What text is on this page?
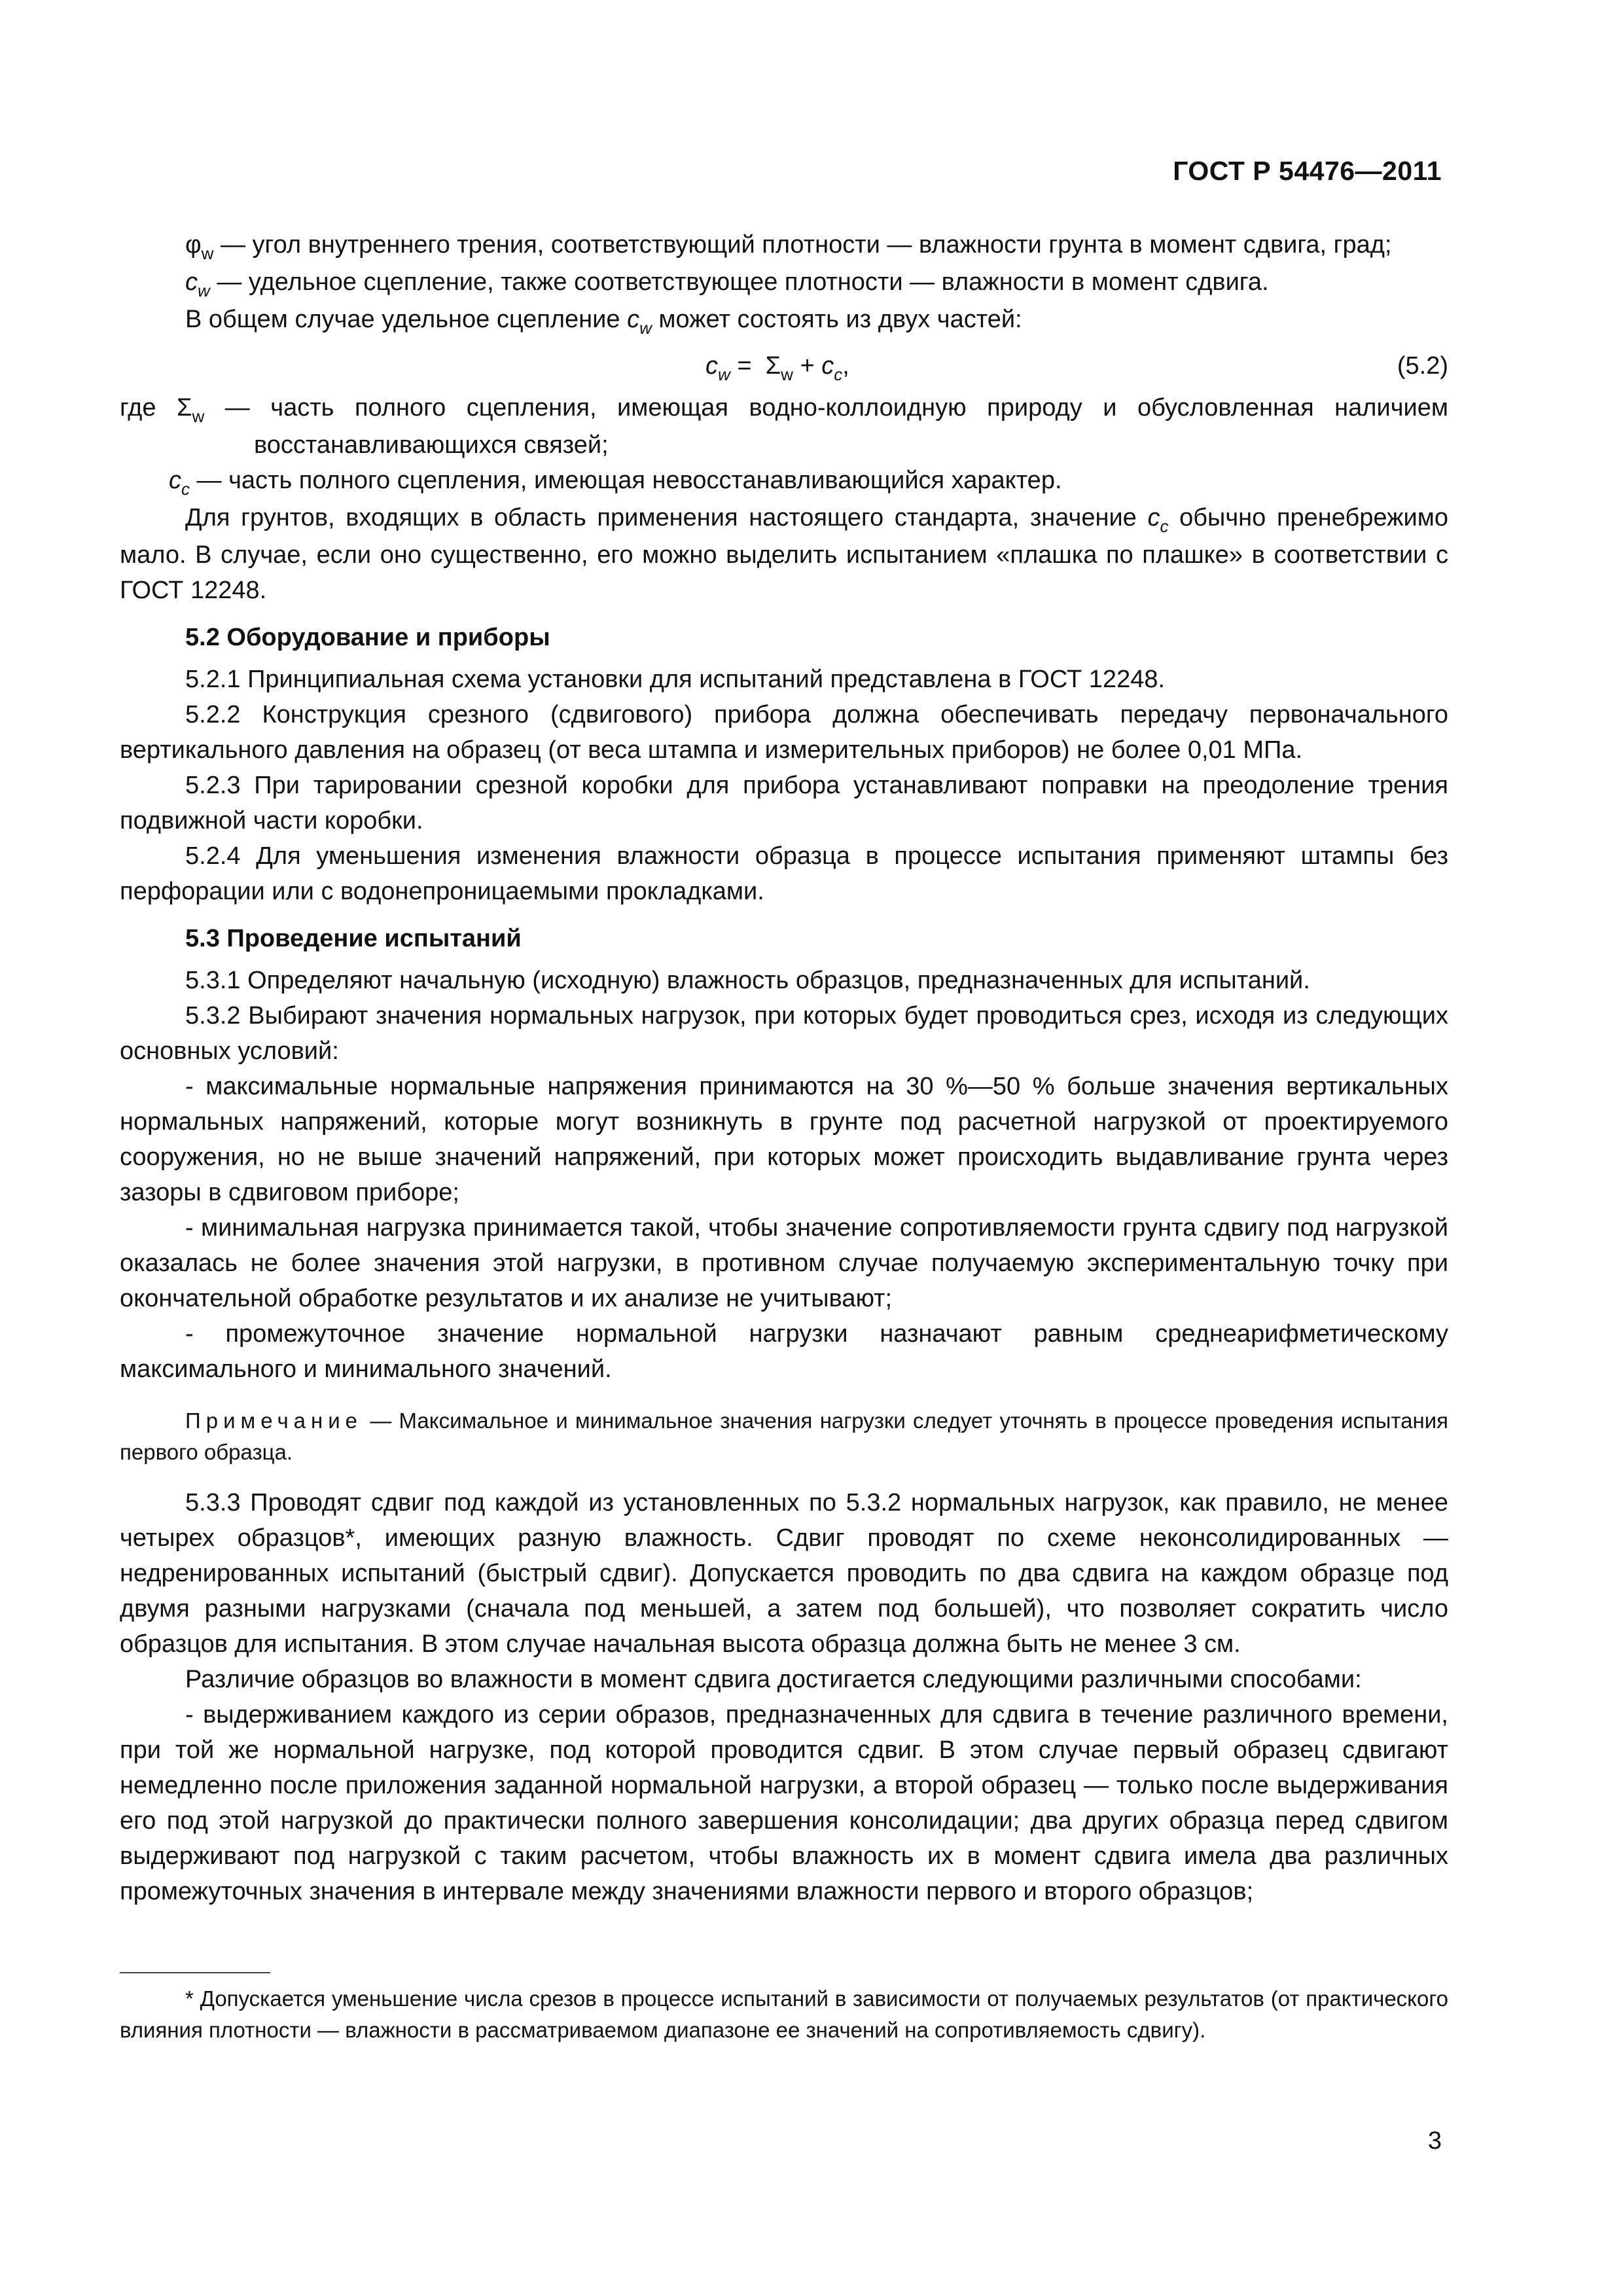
ГОСТ Р 54476—2011

$\varphi_w$ — угол внутреннего трения, соответствующий плотности — влажности грунта в момент сдвига, град;

$c_w$ — удельное сцепление, также соответствующее плотности — влажности в момент сдвига.

В общем случае удельное сцепление $c_w$ может состоять из двух частей:

$c_w = \Sigma_w + c_c$,	(5.2)

где $\Sigma_w$ — часть полного сцепления, имеющая водно-коллоидную природу и обусловленная наличием восстанавливающихся связей;

$c_c$ — часть полного сцепления, имеющая невосстанавливающийся характер.

Для грунтов, входящих в область применения настоящего стандарта, значение $c_c$ обычно пренебрежимо мало. В случае, если оно существенно, его можно выделить испытанием «плашка по плашке» в соответствии с ГОСТ 12248.

5.2 Оборудование и приборы

5.2.1 Принципиальная схема установки для испытаний представлена в ГОСТ 12248.

5.2.2 Конструкция срезного (сдвигового) прибора должна обеспечивать передачу первоначального вертикального давления на образец (от веса штампа и измерительных приборов) не более 0,01 МПа.

5.2.3 При тарировании срезной коробки для прибора устанавливают поправки на преодоление трения подвижной части коробки.

5.2.4 Для уменьшения изменения влажности образца в процессе испытания применяют штампы без перфорации или с водонепроницаемыми прокладками.

5.3 Проведение испытаний

5.3.1 Определяют начальную (исходную) влажность образцов, предназначенных для испытаний.

5.3.2 Выбирают значения нормальных нагрузок, при которых будет проводиться срез, исходя из следующих основных условий:

- максимальные нормальные напряжения принимаются на 30 %—50 % больше значения вертикальных нормальных напряжений, которые могут возникнуть в грунте под расчетной нагрузкой от проектируемого сооружения, но не выше значений напряжений, при которых может происходить выдавливание грунта через зазоры в сдвиговом приборе;

- минимальная нагрузка принимается такой, чтобы значение сопротивляемости грунта сдвигу под нагрузкой оказалась не более значения этой нагрузки, в противном случае получаемую экспериментальную точку при окончательной обработке результатов и их анализе не учитывают;

- промежуточное значение нормальной нагрузки назначают равным среднеарифметическому максимального и минимального значений.

Примечание — Максимальное и минимальное значения нагрузки следует уточнять в процессе проведения испытания первого образца.

5.3.3 Проводят сдвиг под каждой из установленных по 5.3.2 нормальных нагрузок, как правило, не менее четырех образцов*, имеющих разную влажность. Сдвиг проводят по схеме неконсолидированных — недренированных испытаний (быстрый сдвиг). Допускается проводить по два сдвига на каждом образце под двумя разными нагрузками (сначала под меньшей, а затем под большей), что позволяет сократить число образцов для испытания. В этом случае начальная высота образца должна быть не менее 3 см.

Различие образцов во влажности в момент сдвига достигается следующими различными способами:

- выдерживанием каждого из серии образов, предназначенных для сдвига в течение различного времени, при той же нормальной нагрузке, под которой проводится сдвиг. В этом случае первый образец сдвигают немедленно после приложения заданной нормальной нагрузки, а второй образец — только после выдерживания его под этой нагрузкой до практически полного завершения консолидации; два других образца перед сдвигом выдерживают под нагрузкой с таким расчетом, чтобы влажность их в момент сдвига имела два различных промежуточных значения в интервале между значениями влажности первого и второго образцов;

* Допускается уменьшение числа срезов в процессе испытаний в зависимости от получаемых результатов (от практического влияния плотности — влажности в рассматриваемом диапазоне ее значений на сопротивляемость сдвигу).

3
